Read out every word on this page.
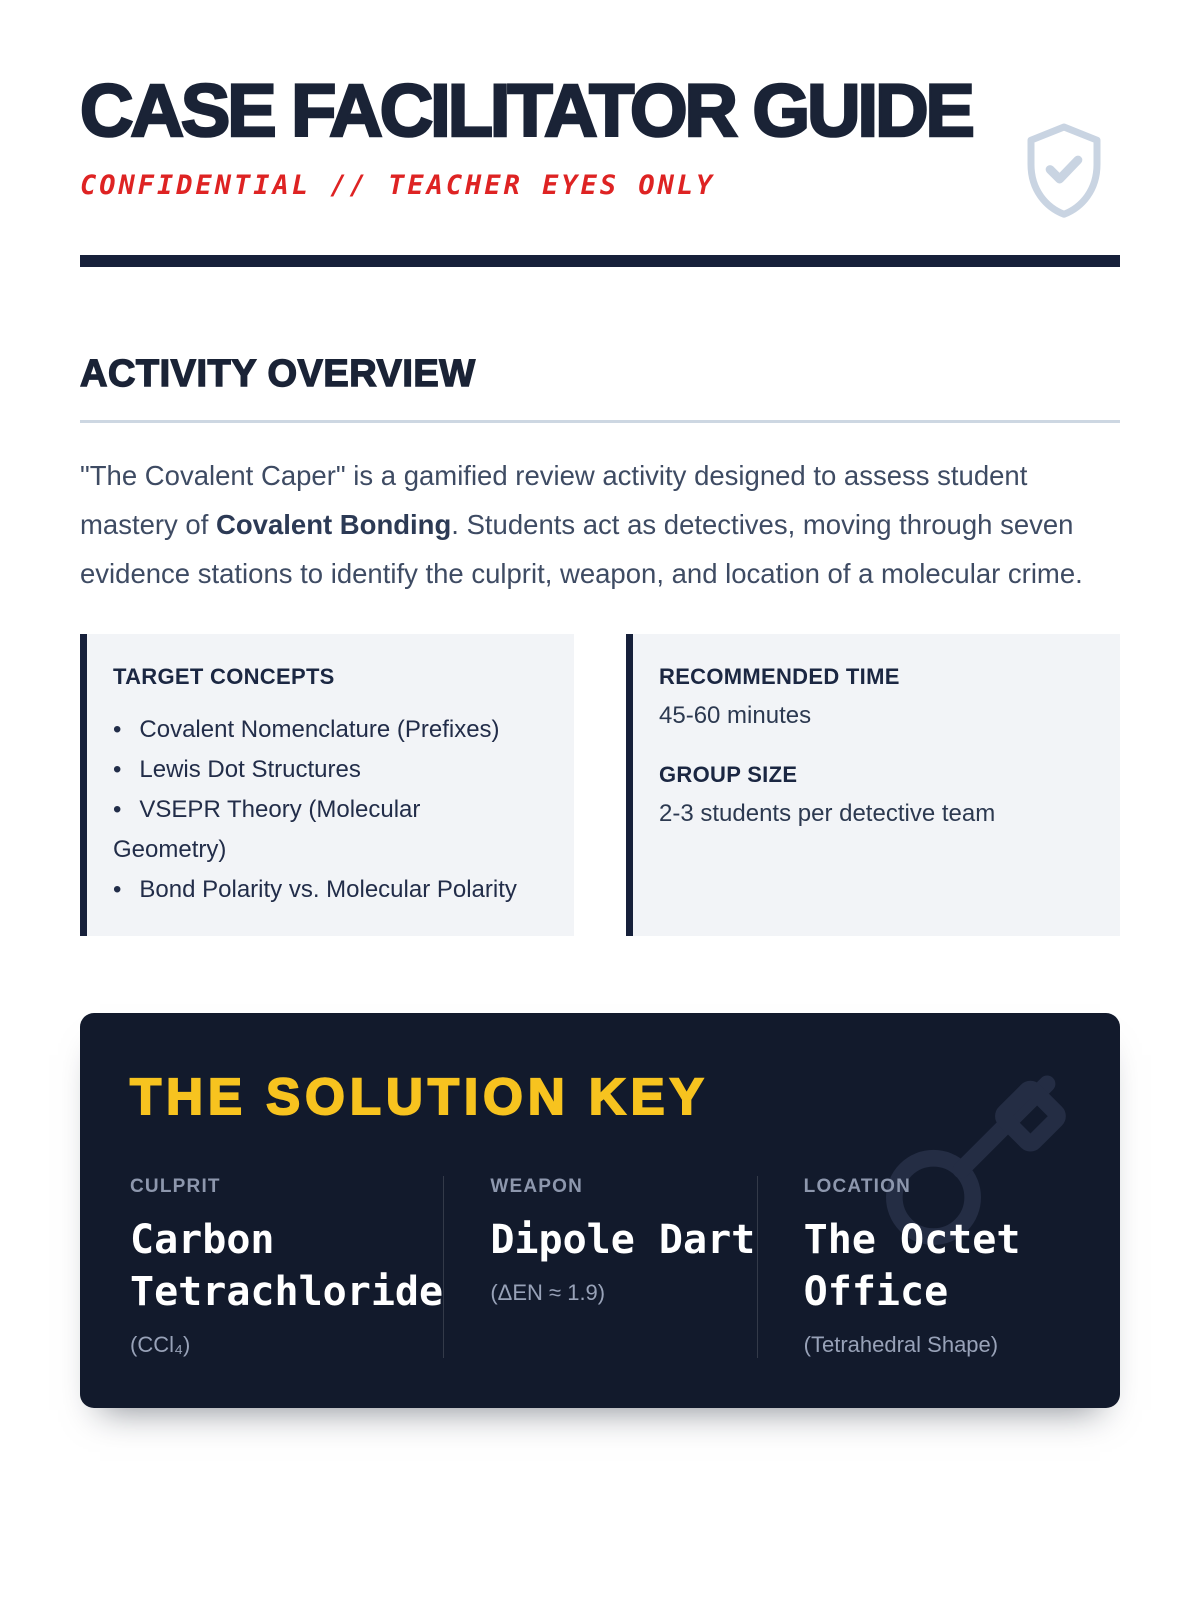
CASE FACILITATOR GUIDE
CONFIDENTIAL // TEACHER EYES ONLY
ACTIVITY OVERVIEW

"The Covalent Caper" is a gamified review activity designed to assess student mastery of Covalent Bonding. Students act as detectives, moving through seven evidence stations to identify the culprit, weapon, and location of a molecular crime.

TARGET CONCEPTS
• Covalent Nomenclature (Prefixes)
• Lewis Dot Structures
• VSEPR Theory (Molecular Geometry)
• Bond Polarity vs. Molecular Polarity
RECOMMENDED TIME
45-60 minutes
GROUP SIZE
2-3 students per detective team
THE SOLUTION KEY
CULPRIT
Carbon Tetrachloride
(CCl₄)
WEAPON
Dipole Dart
(ΔEN ≈ 1.9)
LOCATION
The Octet Office
(Tetrahedral Shape)
